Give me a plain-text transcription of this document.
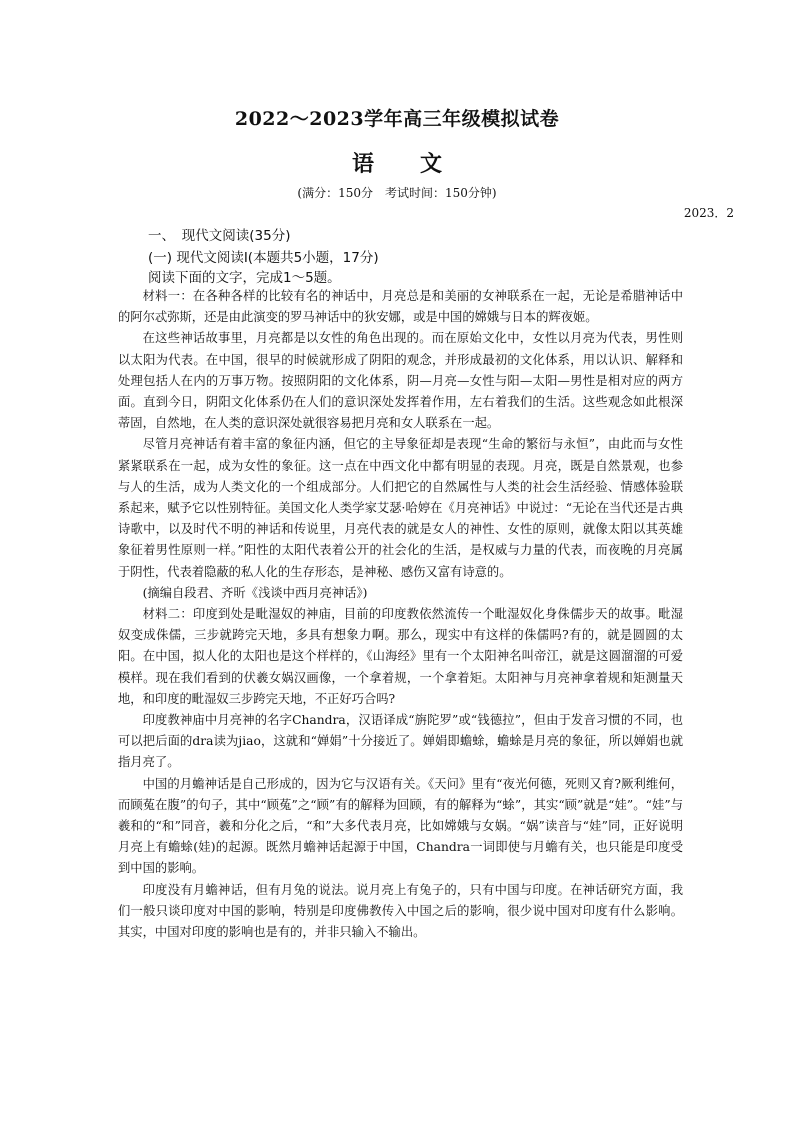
2022～2023学年高三年级模拟试卷
语文
(满分：150分　考试时间：150分钟)
2023．2
一、　现代文阅读(35分)
(一) 现代文阅读Ⅰ(本题共5小题，17分)
阅读下面的文字，完成1～5题。

材料一：在各种各样的比较有名的神话中，月亮总是和美丽的女神联系在一起，无论是希腊神话中的阿尔忒弥斯，还是由此演变的罗马神话中的狄安娜，或是中国的嫦娥与日本的辉夜姬。

在这些神话故事里，月亮都是以女性的角色出现的。而在原始文化中，女性以月亮为代表，男性则以太阳为代表。在中国，很早的时候就形成了阴阳的观念，并形成最初的文化体系，用以认识、解释和处理包括人在内的万事万物。按照阴阳的文化体系，阴—月亮—女性与阳—太阳—男性是相对应的两方面。直到今日，阴阳文化体系仍在人们的意识深处发挥着作用，左右着我们的生活。这些观念如此根深蒂固，自然地，在人类的意识深处就很容易把月亮和女人联系在一起。

尽管月亮神话有着丰富的象征内涵，但它的主导象征却是表现“生命的繁衍与永恒”，由此而与女性紧紧联系在一起，成为女性的象征。这一点在中西文化中都有明显的表现。月亮，既是自然景观，也参与人的生活，成为人类文化的一个组成部分。人们把它的自然属性与人类的社会生活经验、情感体验联系起来，赋予它以性别特征。美国文化人类学家艾瑟·哈婷在《月亮神话》中说过：“无论在当代还是古典诗歌中，以及时代不明的神话和传说里，月亮代表的就是女人的神性、女性的原则，就像太阳以其英雄象征着男性原则一样。”阳性的太阳代表着公开的社会化的生活，是权威与力量的代表，而夜晚的月亮属于阴性，代表着隐蔽的私人化的生存形态，是神秘、感伤又富有诗意的。

(摘编自段君、齐昕《浅谈中西月亮神话》)

材料二：印度到处是毗湿奴的神庙，目前的印度教依然流传一个毗湿奴化身侏儒步天的故事。毗湿奴变成侏儒，三步就跨完天地，多具有想象力啊。那么，现实中有这样的侏儒吗?有的，就是圆圆的太阳。在中国，拟人化的太阳也是这个样样的，《山海经》里有一个太阳神名叫帝江，就是这圆溜溜的可爱模样。现在我们看到的伏羲女娲汉画像，一个拿着规，一个拿着矩。太阳神与月亮神拿着规和矩测量天地，和印度的毗湿奴三步跨完天地，不正好巧合吗?

印度教神庙中月亮神的名字Chandra，汉语译成“旃陀罗”或“钱德拉”，但由于发音习惯的不同，也可以把后面的dra读为jiao，这就和“婵娟”十分接近了。婵娟即蟾蜍，蟾蜍是月亮的象征，所以婵娟也就指月亮了。

中国的月蟾神话是自己形成的，因为它与汉语有关。《天问》里有“夜光何德，死则又育?厥利维何，而顾菟在腹”的句子，其中“顾菟”之“顾”有的解释为回顾，有的解释为“蜍”，其实“顾”就是“娃”。“娃”与羲和的“和”同音，羲和分化之后，“和”大多代表月亮，比如嫦娥与女娲。“娲”读音与“娃”同，正好说明月亮上有蟾蜍(娃)的起源。既然月蟾神话起源于中国，Chandra一词即使与月蟾有关，也只能是印度受到中国的影响。

印度没有月蟾神话，但有月兔的说法。说月亮上有兔子的，只有中国与印度。在神话研究方面，我们一般只谈印度对中国的影响，特别是印度佛教传入中国之后的影响，很少说中国对印度有什么影响。其实，中国对印度的影响也是有的，并非只输入不输出。
